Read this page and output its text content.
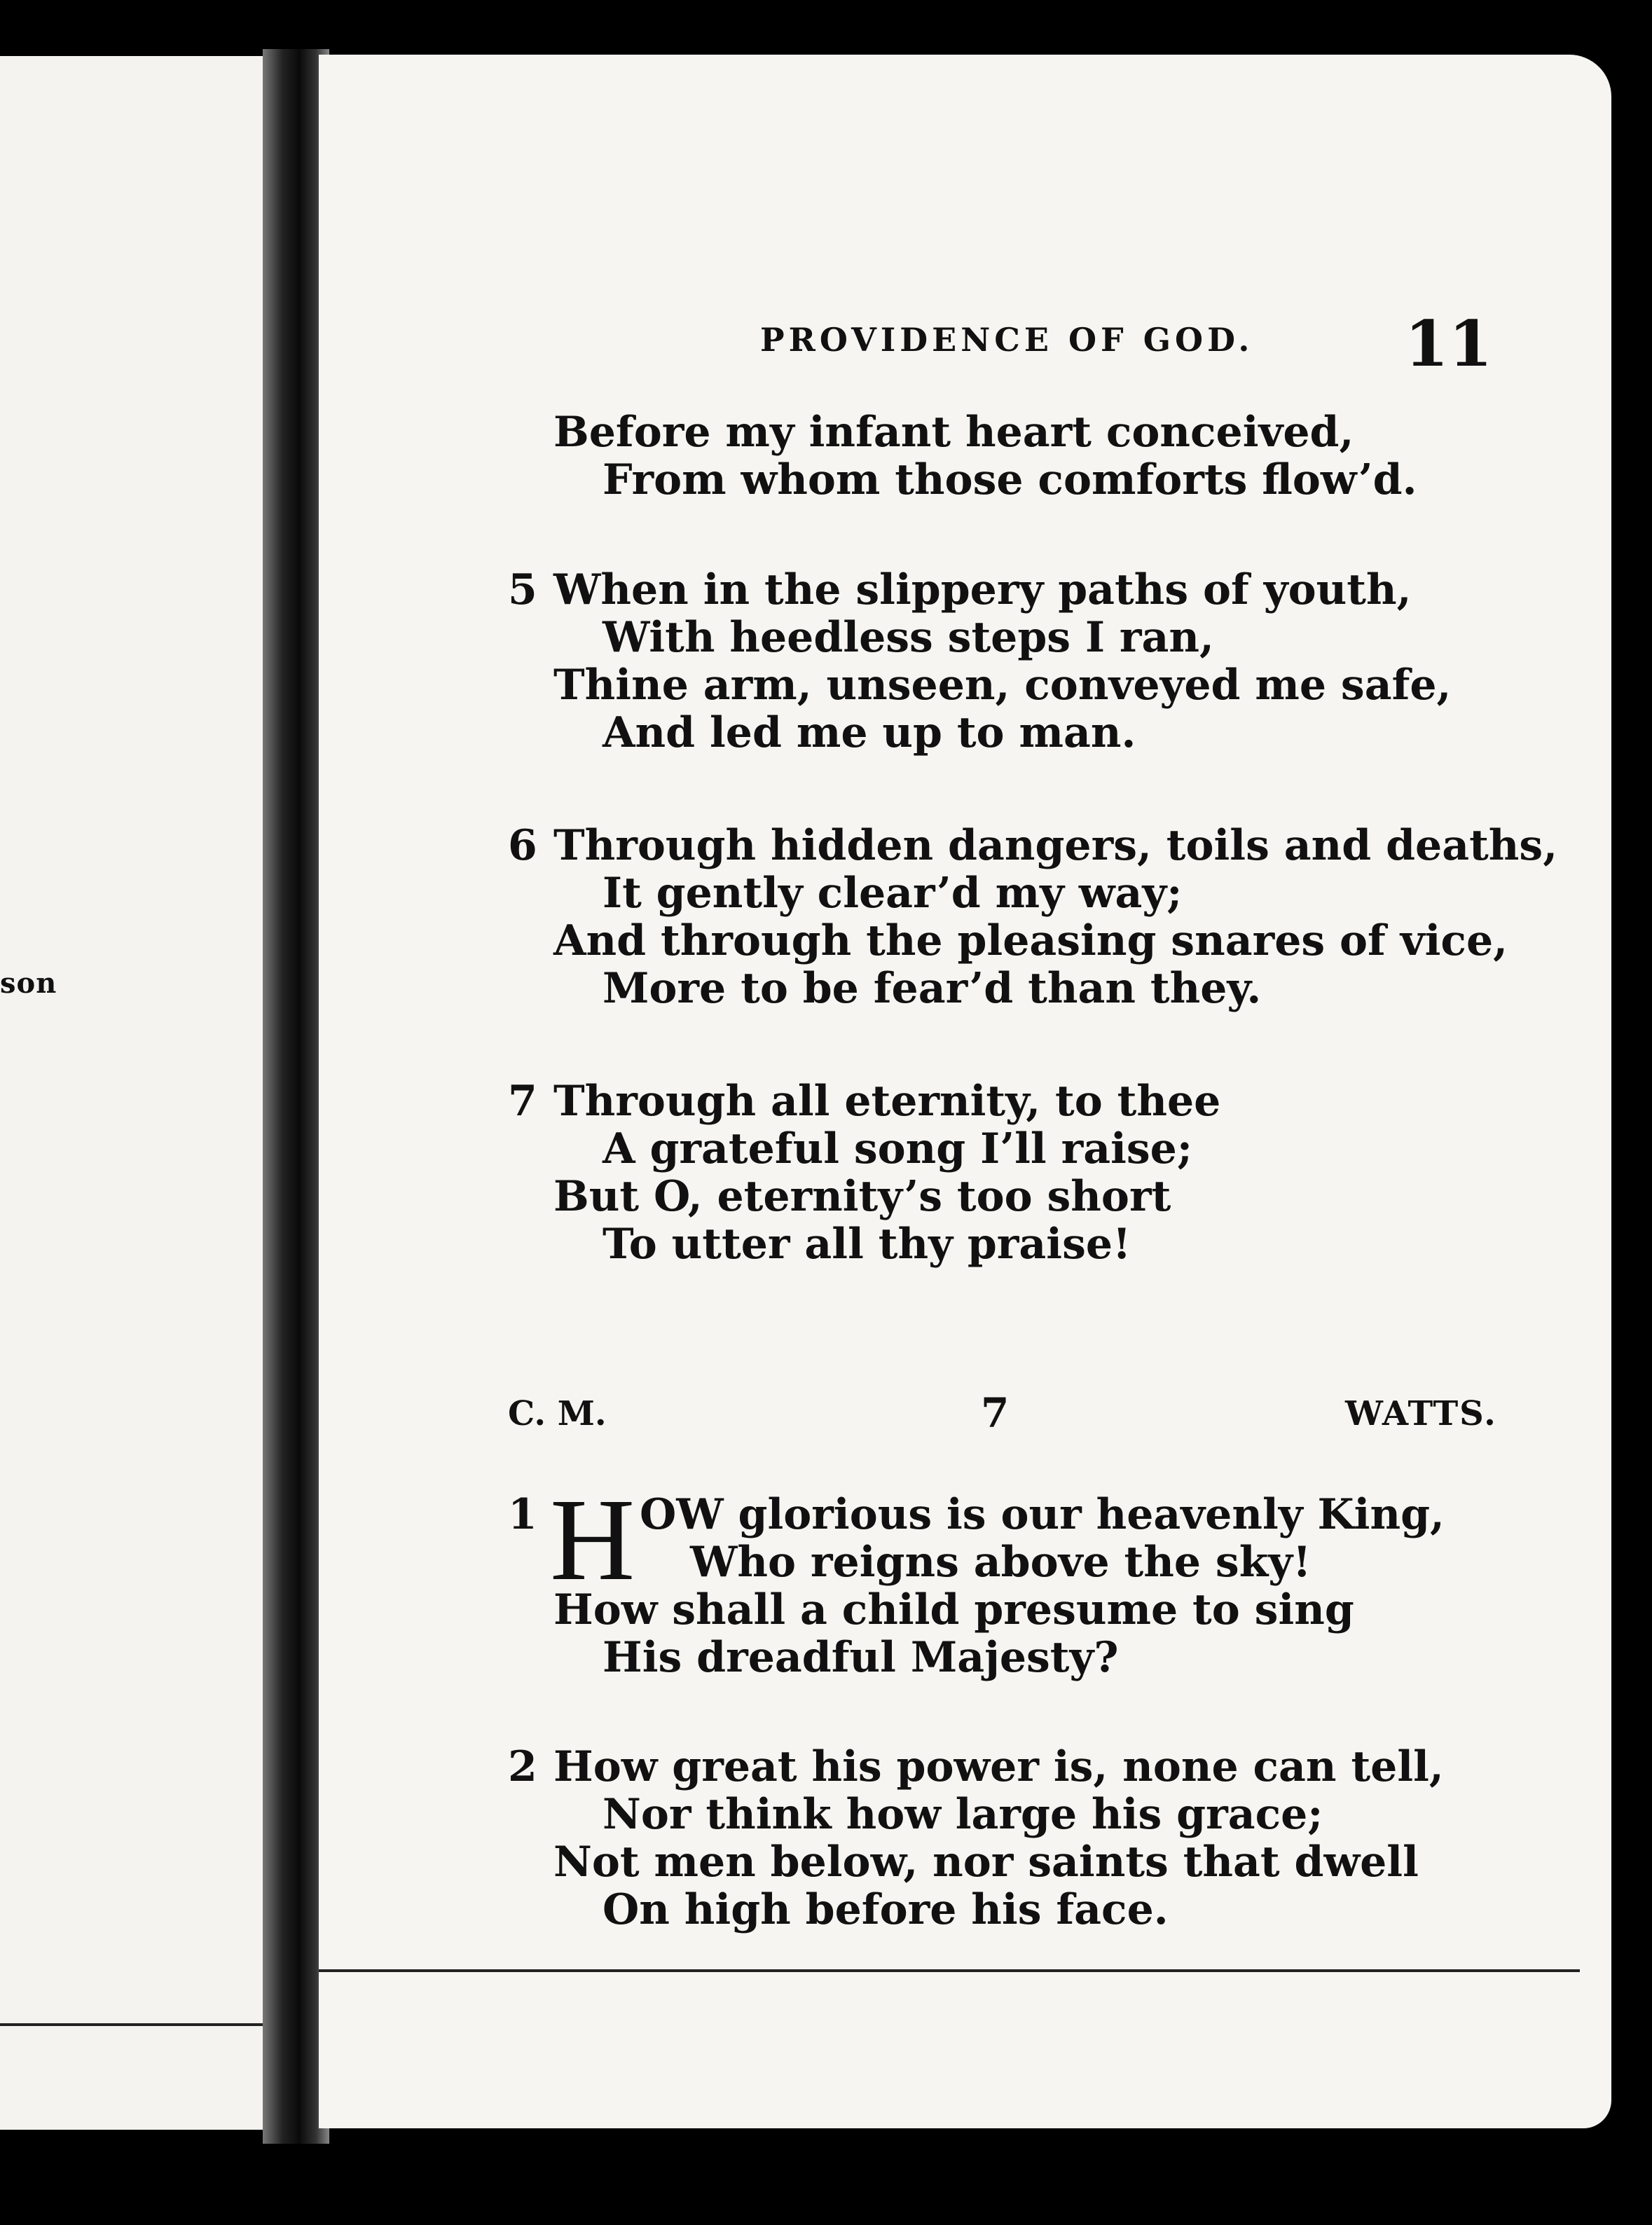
son
PROVIDENCE OF GOD. 11
Before my infant heart conceived,
From whom those comforts flow’d.
5 When in the slippery paths of youth,
With heedless steps I ran,
Thine arm, unseen, conveyed me safe,
And led me up to man.
6 Through hidden dangers, toils and deaths,
It gently clear’d my way;
And through the pleasing snares of vice,
More to be fear’d than they.
7 Through all eternity, to thee
A grateful song I’ll raise;
But O, eternity’s too short
To utter all thy praise!
C. M.	7	WATTS.
1 H OW glorious is our heavenly King,
Who reigns above the sky!
How shall a child presume to sing
His dreadful Majesty?
2 How great his power is, none can tell,
Nor think how large his grace;
Not men below, nor saints that dwell
On high before his face.
